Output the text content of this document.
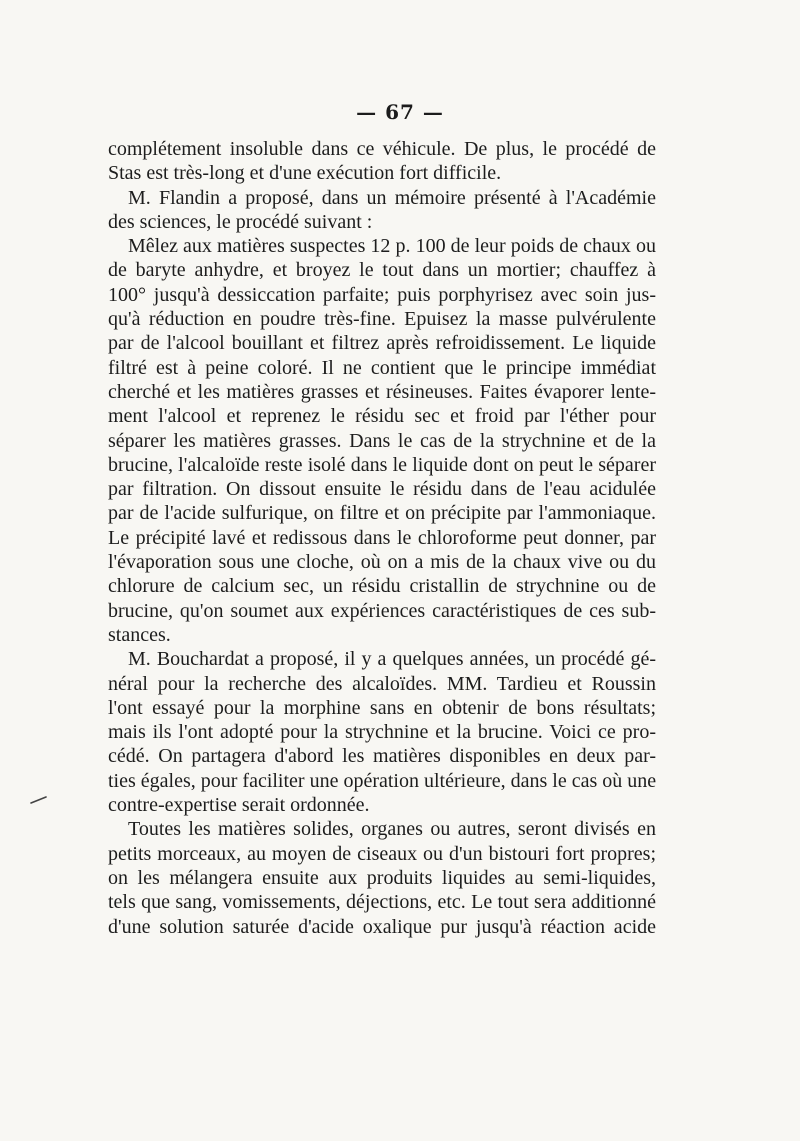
— 67 —

complétement insoluble dans ce véhicule. De plus, le procédé de

Stas est très-long et d'une exécution fort difficile.

M. Flandin a proposé, dans un mémoire présenté à l'Académie

des sciences, le procédé suivant :

Mêlez aux matières suspectes 12 p. 100 de leur poids de chaux ou

de baryte anhydre, et broyez le tout dans un mortier; chauffez à

100° jusqu'à dessiccation parfaite; puis porphyrisez avec soin jus-

qu'à réduction en poudre très-fine. Epuisez la masse pulvérulente

par de l'alcool bouillant et filtrez après refroidissement. Le liquide

filtré est à peine coloré. Il ne contient que le principe immédiat

cherché et les matières grasses et résineuses. Faites évaporer lente-

ment l'alcool et reprenez le résidu sec et froid par l'éther pour

séparer les matières grasses. Dans le cas de la strychnine et de la

brucine, l'alcaloïde reste isolé dans le liquide dont on peut le séparer

par filtration. On dissout ensuite le résidu dans de l'eau acidulée

par de l'acide sulfurique, on filtre et on précipite par l'ammoniaque.

Le précipité lavé et redissous dans le chloroforme peut donner, par

l'évaporation sous une cloche, où on a mis de la chaux vive ou du

chlorure de calcium sec, un résidu cristallin de strychnine ou de

brucine, qu'on soumet aux expériences caractéristiques de ces sub-

stances.

M. Bouchardat a proposé, il y a quelques années, un procédé gé-

néral pour la recherche des alcaloïdes. MM. Tardieu et Roussin

l'ont essayé pour la morphine sans en obtenir de bons résultats;

mais ils l'ont adopté pour la strychnine et la brucine. Voici ce pro-

cédé. On partagera d'abord les matières disponibles en deux par-

ties égales, pour faciliter une opération ultérieure, dans le cas où une

contre-expertise serait ordonnée.

Toutes les matières solides, organes ou autres, seront divisés en

petits morceaux, au moyen de ciseaux ou d'un bistouri fort propres;

on les mélangera ensuite aux produits liquides au semi-liquides,

tels que sang, vomissements, déjections, etc. Le tout sera additionné

d'une solution saturée d'acide oxalique pur jusqu'à réaction acide
